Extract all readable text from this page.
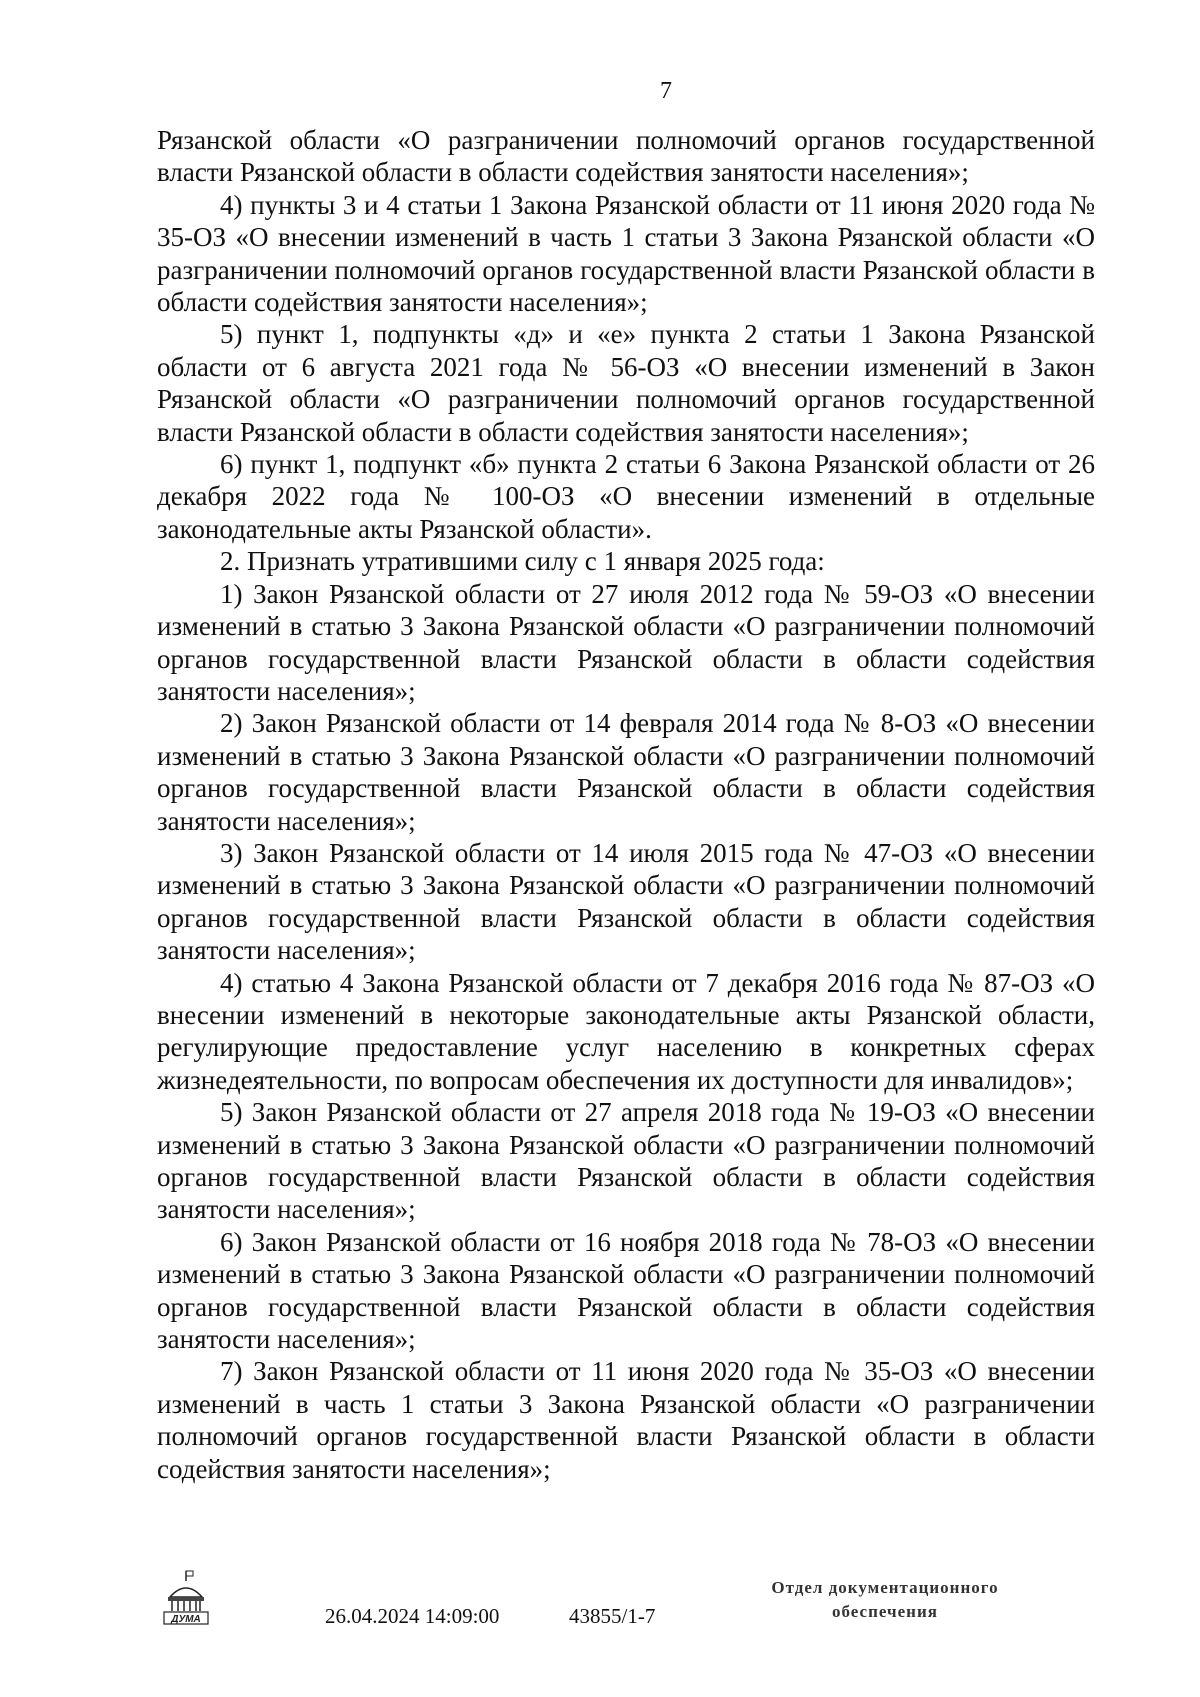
7

Рязанской области «О разграничении полномочий органов государственной власти Рязанской области в области содействия занятости населения»;

4) пункты 3 и 4 статьи 1 Закона Рязанской области от 11 июня 2020 года № 35-ОЗ «О внесении изменений в часть 1 статьи 3 Закона Рязанской области «О разграничении полномочий органов государственной власти Рязанской области в области содействия занятости населения»;

5) пункт 1, подпункты «д» и «е» пункта 2 статьи 1 Закона Рязанской области от 6 августа 2021 года № 56-ОЗ «О внесении изменений в Закон Рязанской области «О разграничении полномочий органов государственной власти Рязанской области в области содействия занятости населения»;

6) пункт 1, подпункт «б» пункта 2 статьи 6 Закона Рязанской области от 26 декабря 2022 года № 100-ОЗ «О внесении изменений в отдельные законодательные акты Рязанской области».

2. Признать утратившими силу с 1 января 2025 года:

1) Закон Рязанской области от 27 июля 2012 года № 59-ОЗ «О внесении изменений в статью 3 Закона Рязанской области «О разграничении полномочий органов государственной власти Рязанской области в области содействия занятости населения»;

2) Закон Рязанской области от 14 февраля 2014 года № 8-ОЗ «О внесении изменений в статью 3 Закона Рязанской области «О разграничении полномочий органов государственной власти Рязанской области в области содействия занятости населения»;

3) Закон Рязанской области от 14 июля 2015 года № 47-ОЗ «О внесении изменений в статью 3 Закона Рязанской области «О разграничении полномочий органов государственной власти Рязанской области в области содействия занятости населения»;

4) статью 4 Закона Рязанской области от 7 декабря 2016 года № 87-ОЗ «О внесении изменений в некоторые законодательные акты Рязанской области, регулирующие предоставление услуг населению в конкретных сферах жизнедеятельности, по вопросам обеспечения их доступности для инвалидов»;

5) Закон Рязанской области от 27 апреля 2018 года № 19-ОЗ «О внесении изменений в статью 3 Закона Рязанской области «О разграничении полномочий органов государственной власти Рязанской области в области содействия занятости населения»;

6) Закон Рязанской области от 16 ноября 2018 года № 78-ОЗ «О внесении изменений в статью 3 Закона Рязанской области «О разграничении полномочий органов государственной власти Рязанской области в области содействия занятости населения»;

7) Закон Рязанской области от 11 июня 2020 года № 35-ОЗ «О внесении изменений в часть 1 статьи 3 Закона Рязанской области «О разграничении полномочий органов государственной власти Рязанской области в области содействия занятости населения»;

ДУМА	26.04.2024 14:09:00	43855/1-7
Отдел документационного
обеспечения
